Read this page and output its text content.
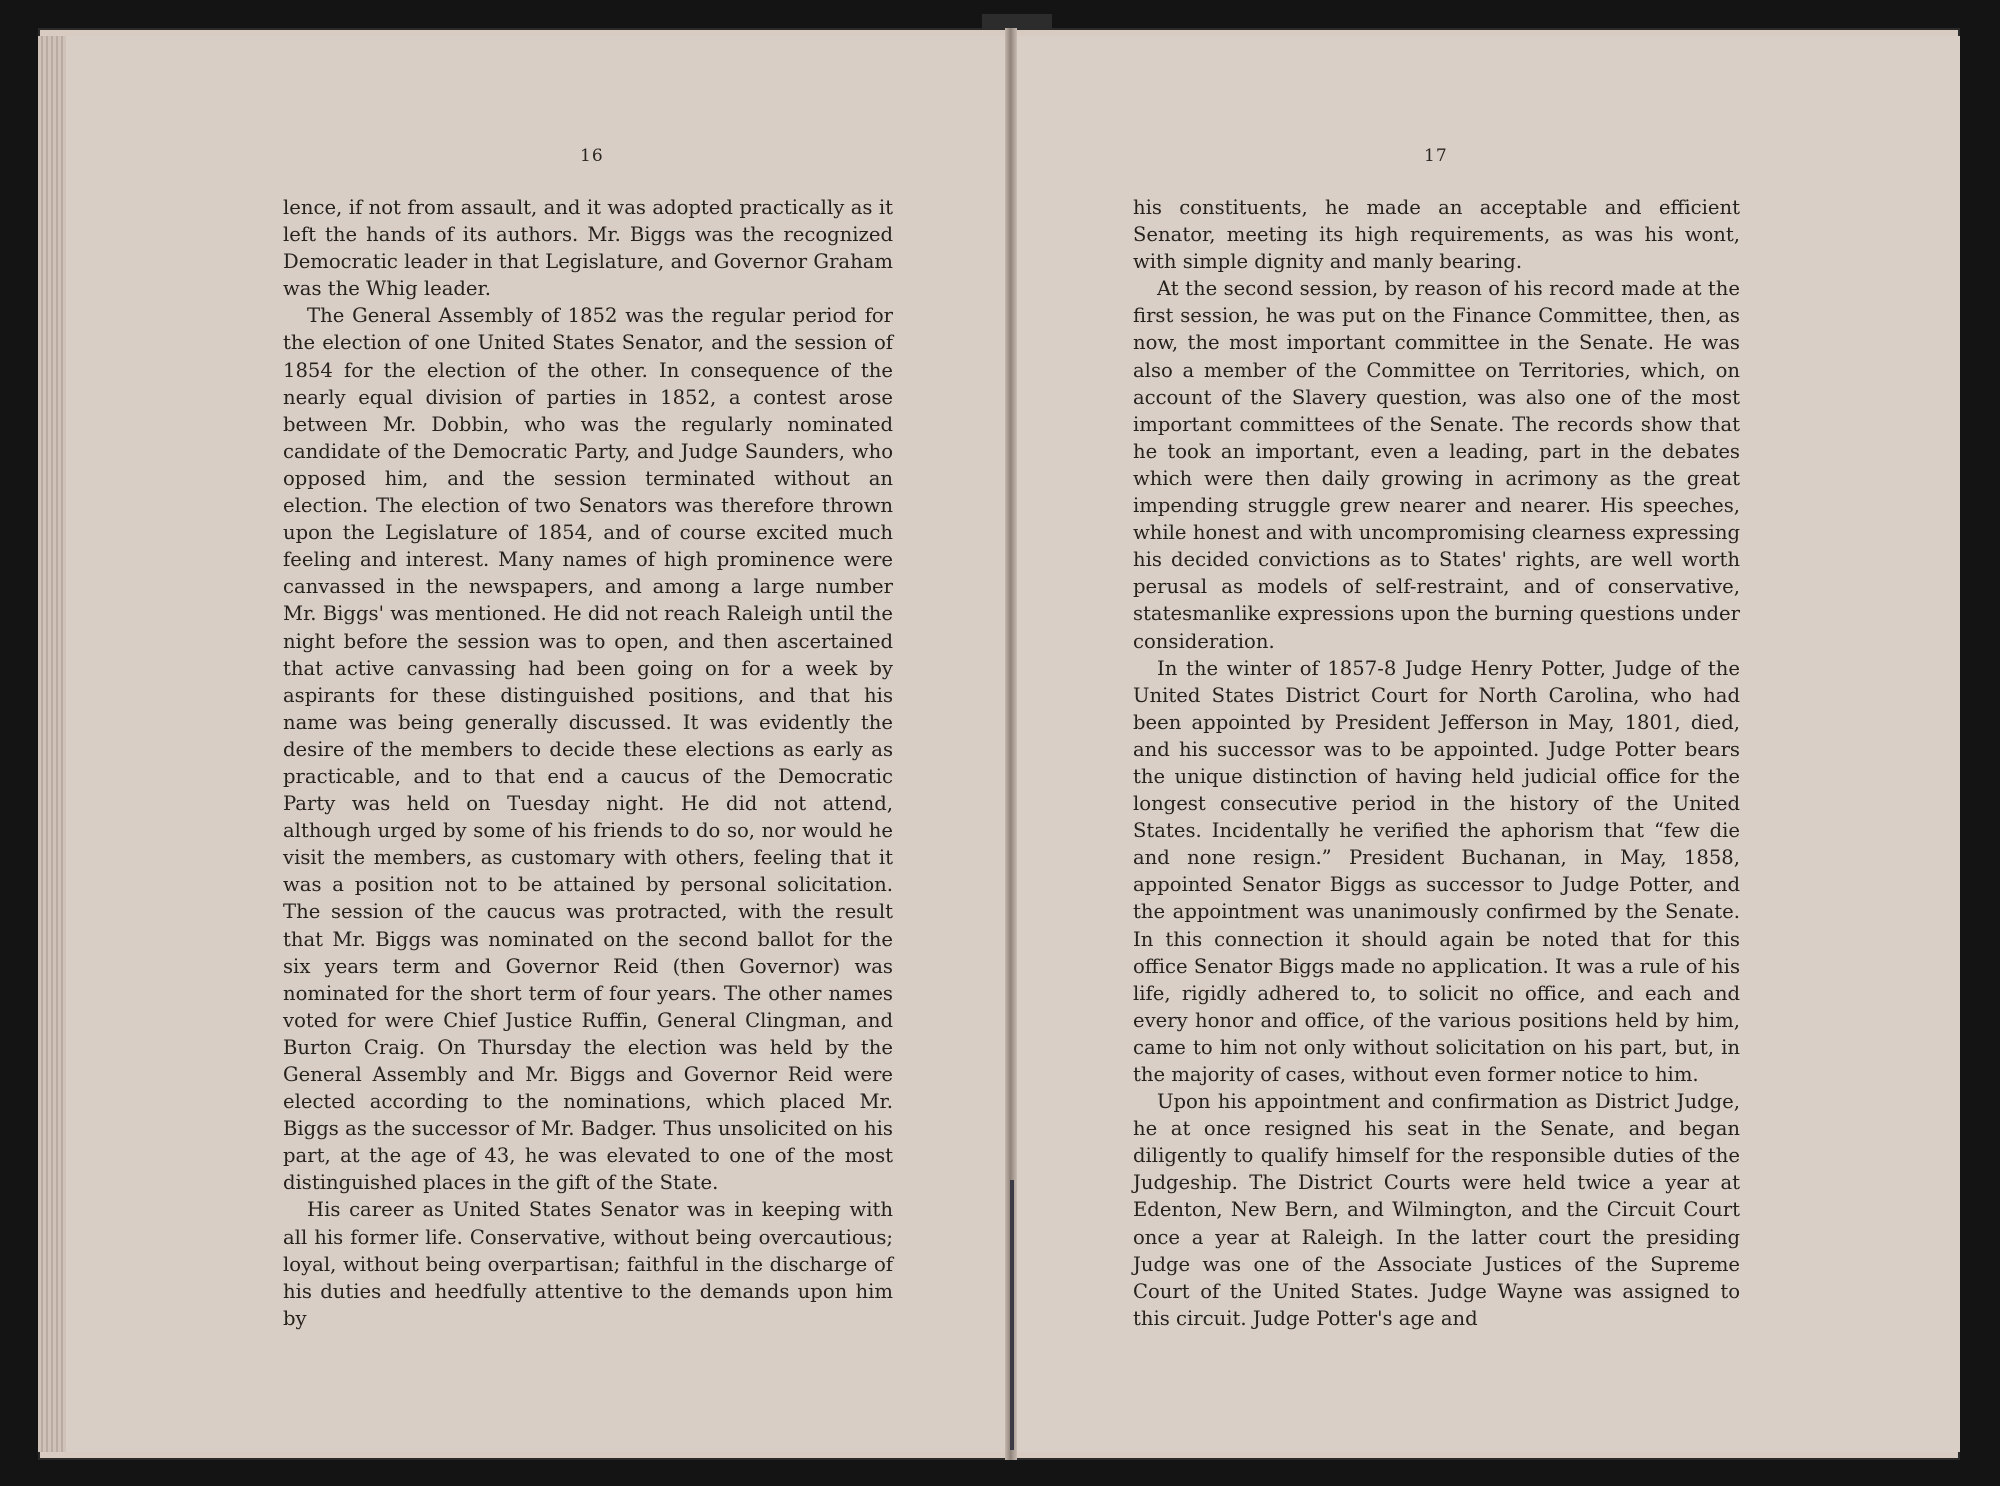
16	17

lence, if not from assault, and it was adopted practically as it left the hands of its authors. Mr. Biggs was the recognized Democratic leader in that Legislature, and Governor Graham was the Whig leader.

The General Assembly of 1852 was the regular period for the election of one United States Senator, and the session of 1854 for the election of the other. In consequence of the nearly equal division of parties in 1852, a contest arose between Mr. Dobbin, who was the regularly nominated candidate of the Democratic Party, and Judge Saunders, who opposed him, and the session terminated without an election. The election of two Senators was therefore thrown upon the Legislature of 1854, and of course excited much feeling and interest. Many names of high prominence were canvassed in the newspapers, and among a large number Mr. Biggs' was mentioned. He did not reach Raleigh until the night before the session was to open, and then ascertained that active canvassing had been going on for a week by aspirants for these distinguished positions, and that his name was being generally discussed. It was evidently the desire of the members to decide these elections as early as practicable, and to that end a caucus of the Democratic Party was held on Tuesday night. He did not attend, although urged by some of his friends to do so, nor would he visit the members, as customary with others, feeling that it was a position not to be attained by personal solicitation. The session of the caucus was protracted, with the result that Mr. Biggs was nominated on the second ballot for the six years term and Governor Reid (then Governor) was nominated for the short term of four years. The other names voted for were Chief Justice Ruffin, General Clingman, and Burton Craig. On Thursday the election was held by the General Assembly and Mr. Biggs and Governor Reid were elected according to the nominations, which placed Mr. Biggs as the successor of Mr. Badger. Thus unsolicited on his part, at the age of 43, he was elevated to one of the most distinguished places in the gift of the State.

His career as United States Senator was in keeping with all his former life. Conservative, without being overcautious; loyal, without being overpartisan; faithful in the discharge of his duties and heedfully attentive to the demands upon him by

his constituents, he made an acceptable and efficient Senator, meeting its high requirements, as was his wont, with simple dignity and manly bearing.

At the second session, by reason of his record made at the first session, he was put on the Finance Committee, then, as now, the most important committee in the Senate. He was also a member of the Committee on Territories, which, on account of the Slavery question, was also one of the most important committees of the Senate. The records show that he took an important, even a leading, part in the debates which were then daily growing in acrimony as the great impending struggle grew nearer and nearer. His speeches, while honest and with uncompromising clearness expressing his decided convictions as to States' rights, are well worth perusal as models of self-restraint, and of conservative, statesmanlike expressions upon the burning questions under consideration.

In the winter of 1857-8 Judge Henry Potter, Judge of the United States District Court for North Carolina, who had been appointed by President Jefferson in May, 1801, died, and his successor was to be appointed. Judge Potter bears the unique distinction of having held judicial office for the longest consecutive period in the history of the United States. Incidentally he verified the aphorism that “few die and none resign.” President Buchanan, in May, 1858, appointed Senator Biggs as successor to Judge Potter, and the appointment was unanimously confirmed by the Senate. In this connection it should again be noted that for this office Senator Biggs made no application. It was a rule of his life, rigidly adhered to, to solicit no office, and each and every honor and office, of the various positions held by him, came to him not only without solicitation on his part, but, in the majority of cases, without even former notice to him.

Upon his appointment and confirmation as District Judge, he at once resigned his seat in the Senate, and began diligently to qualify himself for the responsible duties of the Judgeship. The District Courts were held twice a year at Edenton, New Bern, and Wilmington, and the Circuit Court once a year at Raleigh. In the latter court the presiding Judge was one of the Associate Justices of the Supreme Court of the United States. Judge Wayne was assigned to this circuit. Judge Potter's age and
